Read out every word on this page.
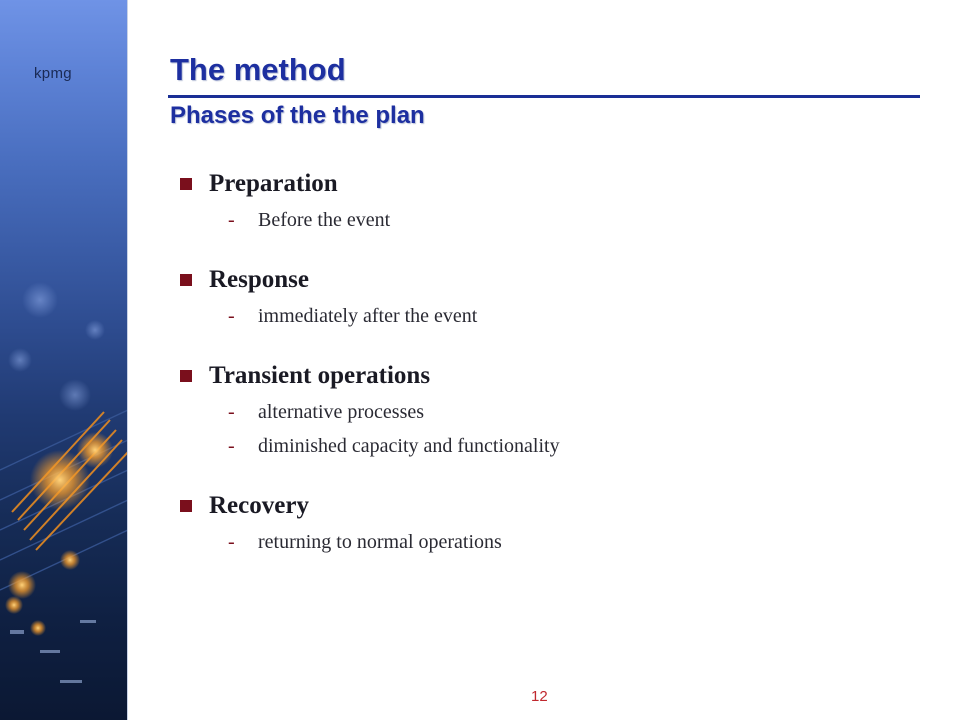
kpmg	The method
Phases of the the plan
Preparation
-	Before the event
Response
-	immediately after the event
Transient operations
-	alternative processes
-	diminished capacity and functionality
Recovery
-	returning to normal operations
12
